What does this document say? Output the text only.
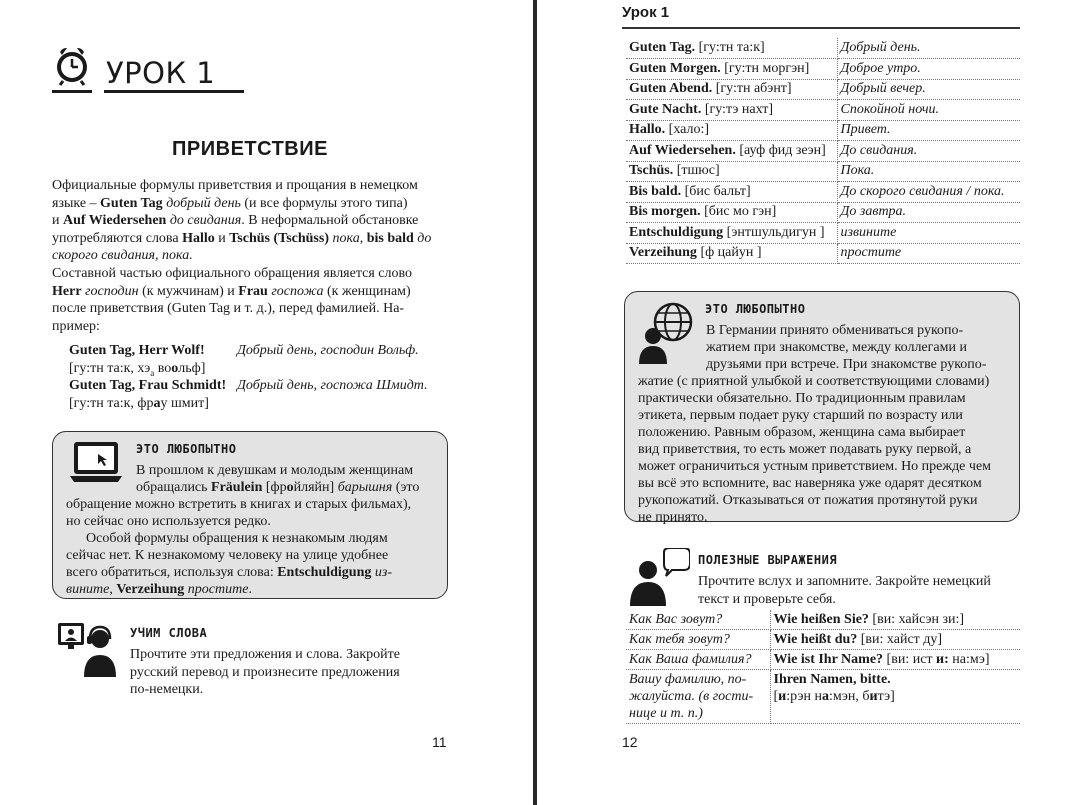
УРОК 1
ПРИВЕТСТВИЕ
Официальные формулы приветствия и прощания в немецком
языке – Guten Tag добрый день (и все формулы этого типа)
и Auf Wiedersehen до свидания. В неформальной обстановке
употребляются слова Hallo и Tschüs (Tschüss) пока, bis bald до
скорого свидания, пока.
Составной частью официального обращения является слово
Herr господин (к мужчинам) и Frau госпожа (к женщинам)
после приветствия (Guten Tag и т. д.), перед фамилией. На-
пример:
Guten Tag, Herr Wolf! Добрый день, господин Вольф.
[гу:тн та:к, $хэ_а$ воольф]
Guten Tag, Frau Schmidt! Добрый день, госпожа Шмидт.
[гу:тн та:к, фрау шмит]
ЭТО ЛЮБОПЫТНО
В прошлом к девушкам и молодым женщинам
обращались Fräulein [фройляйн] барышня (это
обращение можно встретить в книгах и старых фильмах),
но сейчас оно используется редко.
Особой формулы обращения к незнакомым людям
сейчас нет. К незнакомому человеку на улице удобнее
всего обратиться, используя слова: Entschuldigung из-
вините, Verzeihung простите.
УЧИМ СЛОВА
Прочтите эти предложения и слова. Закройте
русский перевод и произнесите предложения
по-немецки.
11
Урок 1
Guten Tag. [гу:тн та:к]	Добрый день.
Guten Morgen. [гу:тн моргэн]	Доброе утро.
Guten Abend. [гу:тн абэнт]	Добрый вечер.
Gute Nacht. [гу:тэ нахт]	Спокойной ночи.
Hallo. [хало:]	Привет.
Auf Wiedersehen. [ауф фид зеэн]	До свидания.
Tschüs. [тшюс]	Пока.
Bis bald. [бис бальт]	До скорого свидания / пока.
Bis morgen. [бис мо гэн]	До завтра.
Entschuldigung [энтшульдигун ]	извините
Verzeihung [ф цайун ]	простите
ЭТО ЛЮБОПЫТНО
В Германии принято обмениваться рукопо-
жатием при знакомстве, между коллегами и
друзьями при встрече. При знакомстве рукопо-
жатие (с приятной улыбкой и соответствующими словами)
практически обязательно. По традиционным правилам
этикета, первым подает руку старший по возрасту или
положению. Равным образом, женщина сама выбирает
вид приветствия, то есть может подавать руку первой, а
может ограничиться устным приветствием. Но прежде чем
вы всё это вспомните, вас наверняка уже одарят десятком
рукопожатий. Отказываться от пожатия протянутой руки
не принято.
ПОЛЕЗНЫЕ ВЫРАЖЕНИЯ
Прочтите вслух и запомните. Закройте немецкий
текст и проверьте себя.
Как Вас зовут?	Wie heißen Sie? [ви: хайсэн зи:]
Как тебя зовут?	Wie heißt du? [ви: хайст ду]
Как Ваша фамилия?	Wie ist Ihr Name? [ви: ист и: на:мэ]
Вашу фамилию, по-
жалуйста. (в гости-
нице и т. п.)	Ihren Namen, bitte.
[и:рэн на:мэн, битэ]
12
